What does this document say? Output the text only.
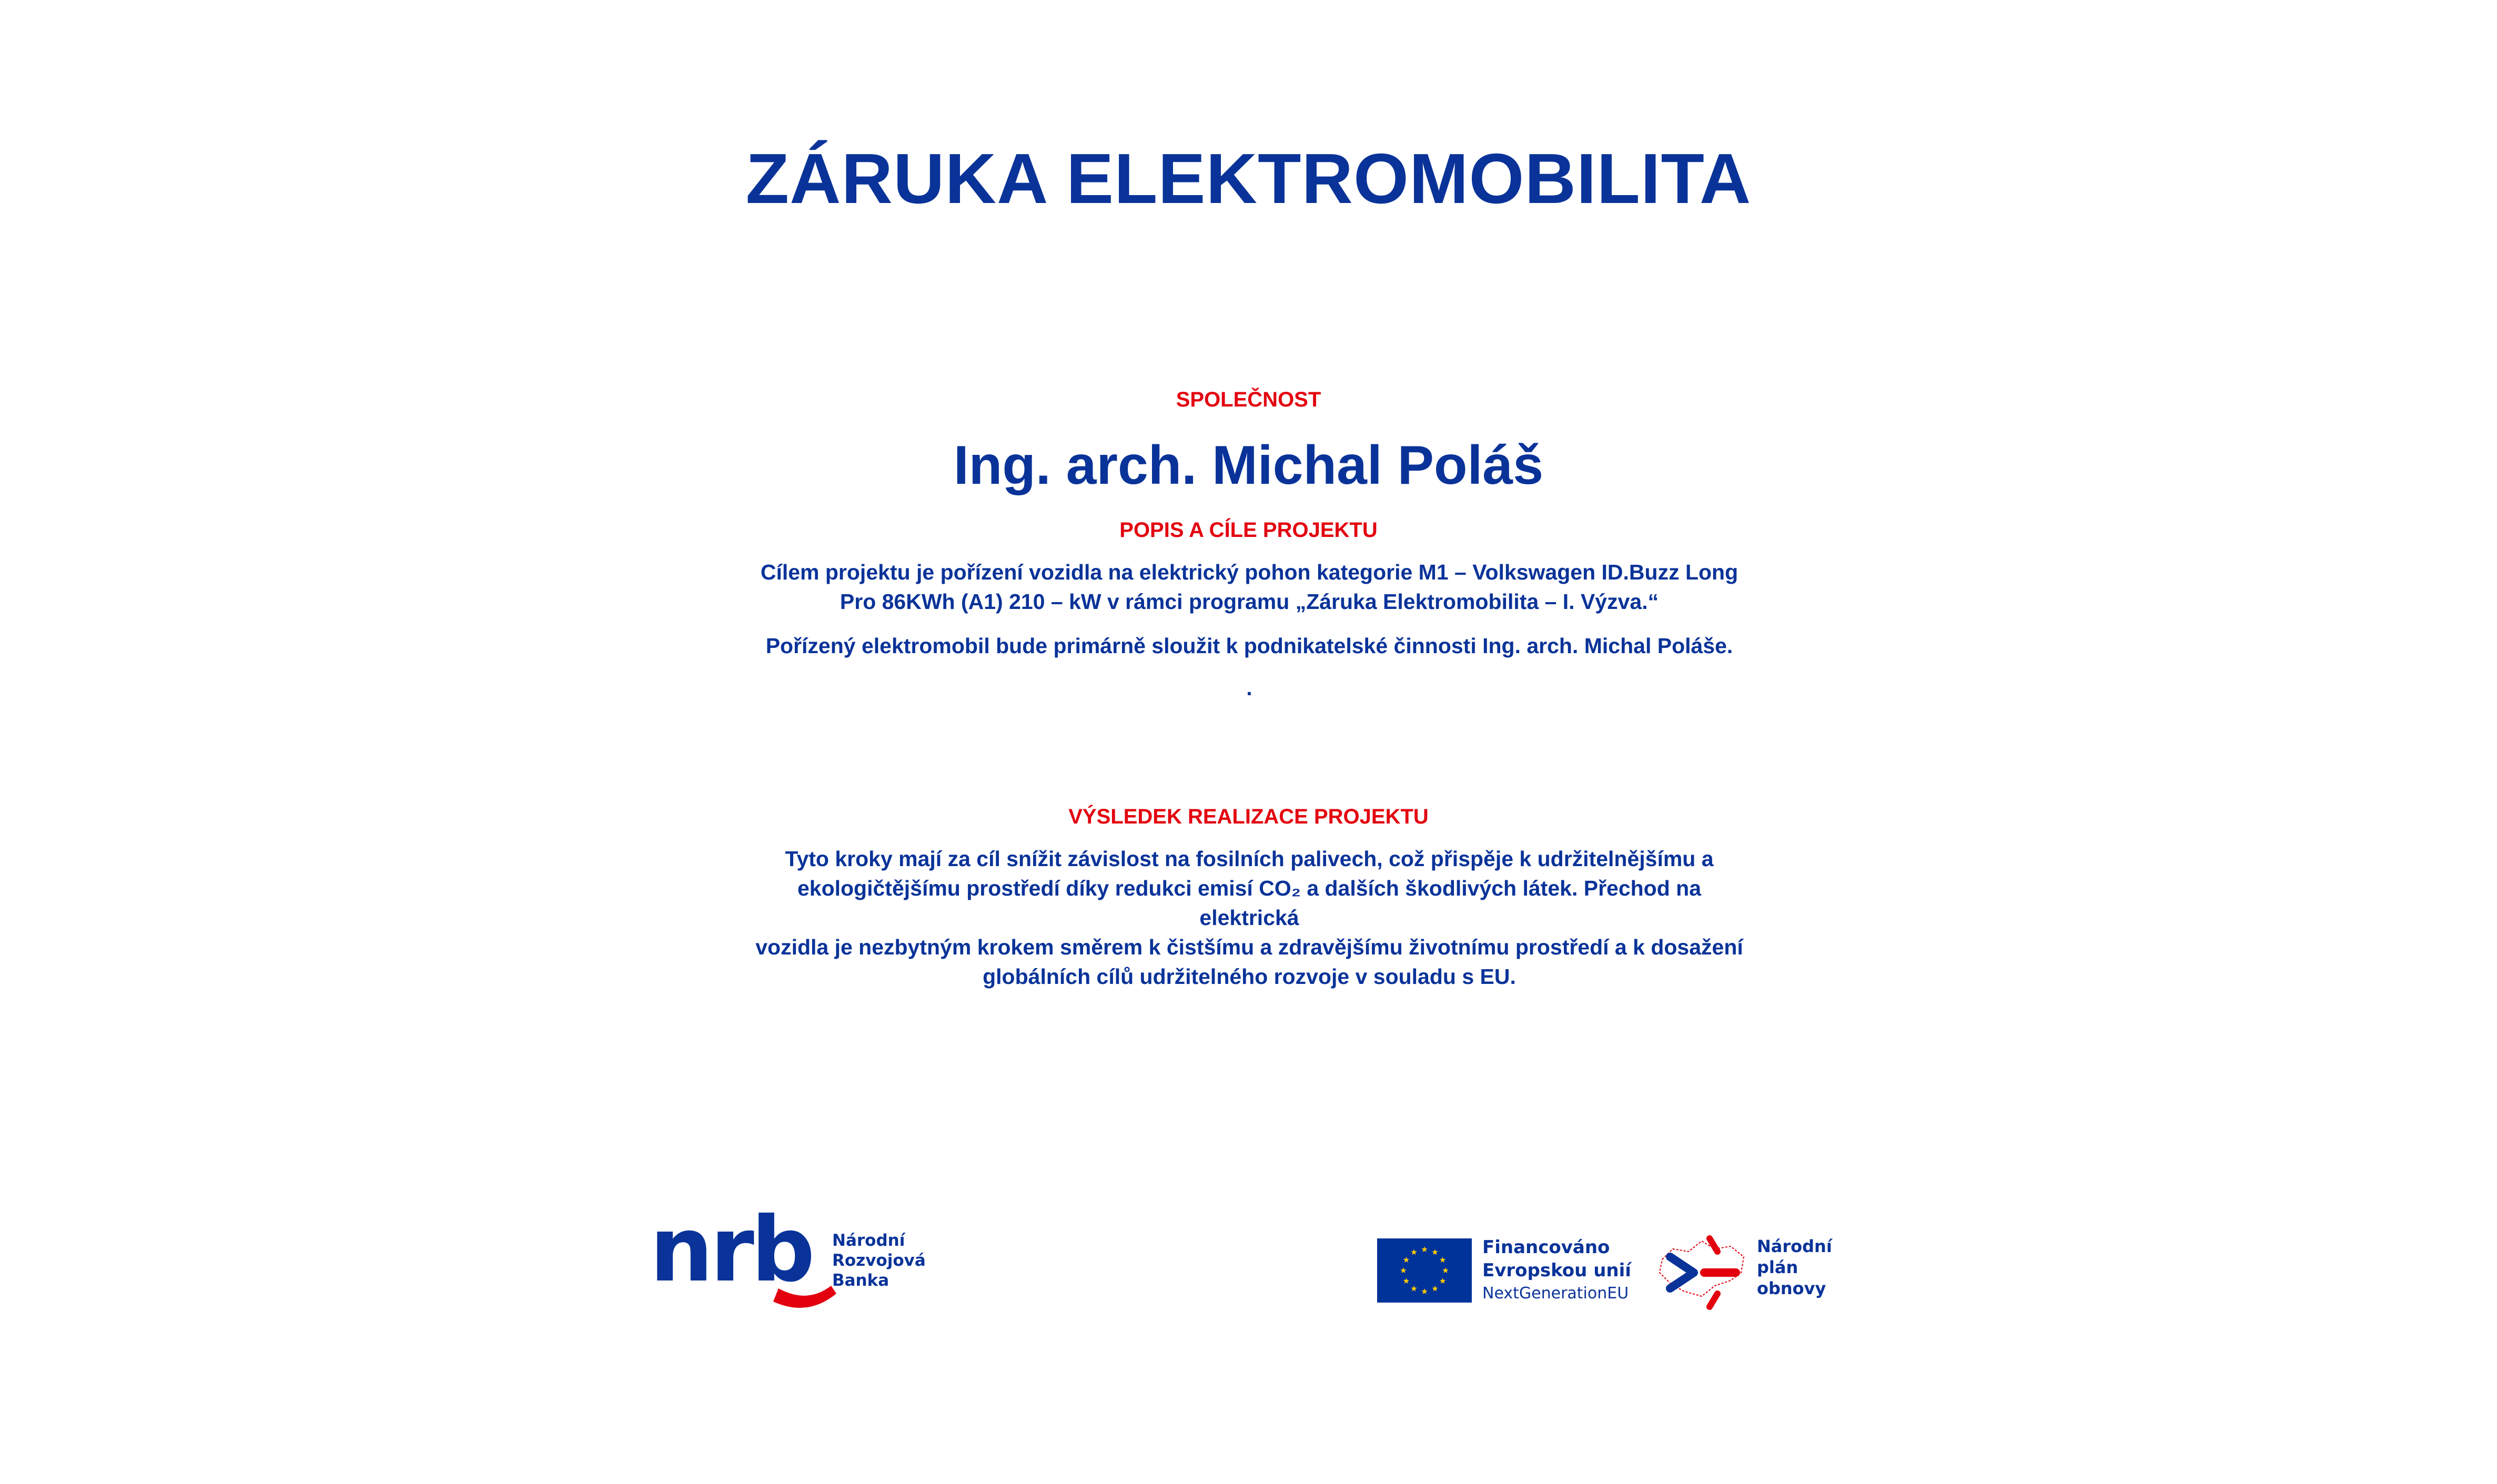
ZÁRUKA ELEKTROMOBILITA
SPOLEČNOST
Ing. arch. Michal Poláš
POPIS A CÍLE PROJEKTU
Cílem projektu je pořízení vozidla na elektrický pohon kategorie M1 – Volkswagen ID.Buzz Long
Pro 86KWh (A1) 210 – kW v rámci programu „Záruka Elektromobilita – I. Výzva.“
Pořízený elektromobil bude primárně sloužit k podnikatelské činnosti Ing. arch. Michal Poláše.
.
VÝSLEDEK REALIZACE PROJEKTU
Tyto kroky mají za cíl snížit závislost na fosilních palivech, což přispěje k udržitelnějšímu a
ekologičtějšímu prostředí díky redukci emisí CO₂ a dalších škodlivých látek. Přechod na elektrická
vozidla je nezbytným krokem směrem k čistšímu a zdravějšímu životnímu prostředí a k dosažení
globálních cílů udržitelného rozvoje v souladu s EU.
nrb Národní
Rozvojová
Banka
Financováno
Evropskou unií
NextGenerationEU
Národní
plán
obnovy
